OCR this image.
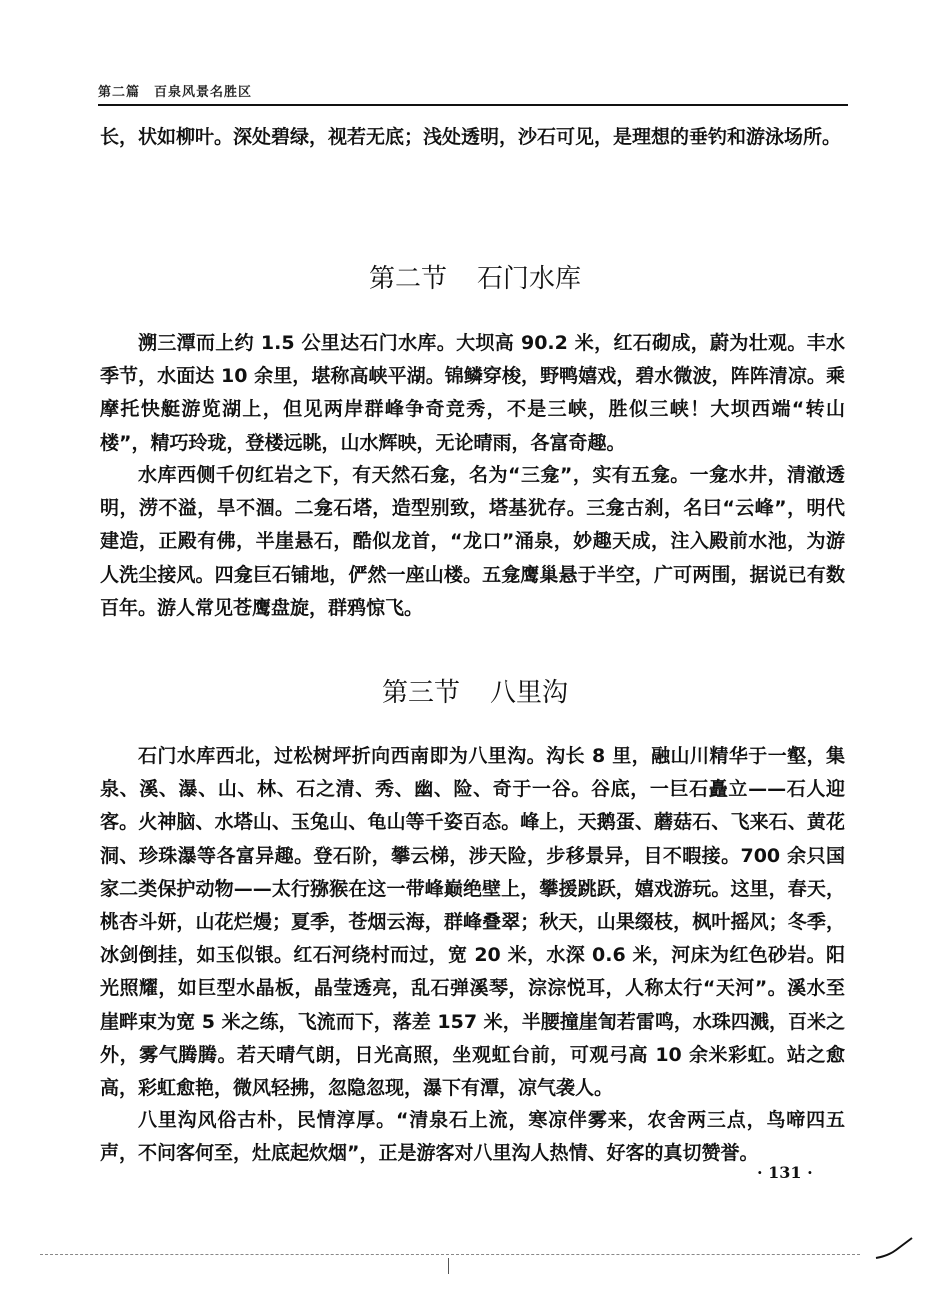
第二篇 百泉风景名胜区

长，状如柳叶。深处碧绿，视若无底；浅处透明，沙石可见，是理想的垂钓和游泳场所。

第二节 石门水库

溯三潭而上约 1.5 公里达石门水库。大坝高 90.2 米，红石砌成，蔚为壮观。丰水季节，水面达 10 余里，堪称高峡平湖。锦鳞穿梭，野鸭嬉戏，碧水微波，阵阵清凉。乘摩托快艇游览湖上，但见两岸群峰争奇竞秀，不是三峡，胜似三峡！大坝西端“转山楼”，精巧玲珑，登楼远眺，山水辉映，无论晴雨，各富奇趣。

水库西侧千仞红岩之下，有天然石龛，名为“三龛”，实有五龛。一龛水井，清澈透明，涝不溢，旱不涸。二龛石塔，造型别致，塔基犹存。三龛古刹，名曰“云峰”，明代建造，正殿有佛，半崖悬石，酷似龙首，“龙口”涌泉，妙趣天成，注入殿前水池，为游人洗尘接风。四龛巨石铺地，俨然一座山楼。五龛鹰巢悬于半空，广可两围，据说已有数百年。游人常见苍鹰盘旋，群鸦惊飞。

第三节 八里沟

石门水库西北，过松树坪折向西南即为八里沟。沟长 8 里，融山川精华于一壑，集泉、溪、瀑、山、林、石之清、秀、幽、险、奇于一谷。谷底，一巨石矗立——石人迎客。火神脑、水塔山、玉兔山、龟山等千姿百态。峰上，天鹅蛋、蘑菇石、飞来石、黄花洞、珍珠瀑等各富异趣。登石阶，攀云梯，涉天险，步移景异，目不暇接。700 余只国家二类保护动物——太行猕猴在这一带峰巅绝壁上，攀援跳跃，嬉戏游玩。这里，春天，桃杏斗妍，山花烂熳；夏季，苍烟云海，群峰叠翠；秋天，山果缀枝，枫叶摇风；冬季，冰剑倒挂，如玉似银。红石河绕村而过，宽 20 米，水深 0.6 米，河床为红色砂岩。阳光照耀，如巨型水晶板，晶莹透亮，乱石弹溪琴，淙淙悦耳，人称太行“天河”。溪水至崖畔束为宽 5 米之练，飞流而下，落差 157 米，半腰撞崖訇若雷鸣，水珠四溅，百米之外，雾气腾腾。若天晴气朗，日光高照，坐观虹台前，可观弓高 10 余米彩虹。站之愈高，彩虹愈艳，微风轻拂，忽隐忽现，瀑下有潭，凉气袭人。

八里沟风俗古朴，民情淳厚。“清泉石上流，寒凉伴雾来，农舍两三点，鸟啼四五声，不问客何至，灶底起炊烟”，正是游客对八里沟人热情、好客的真切赞誉。

· 131 ·
